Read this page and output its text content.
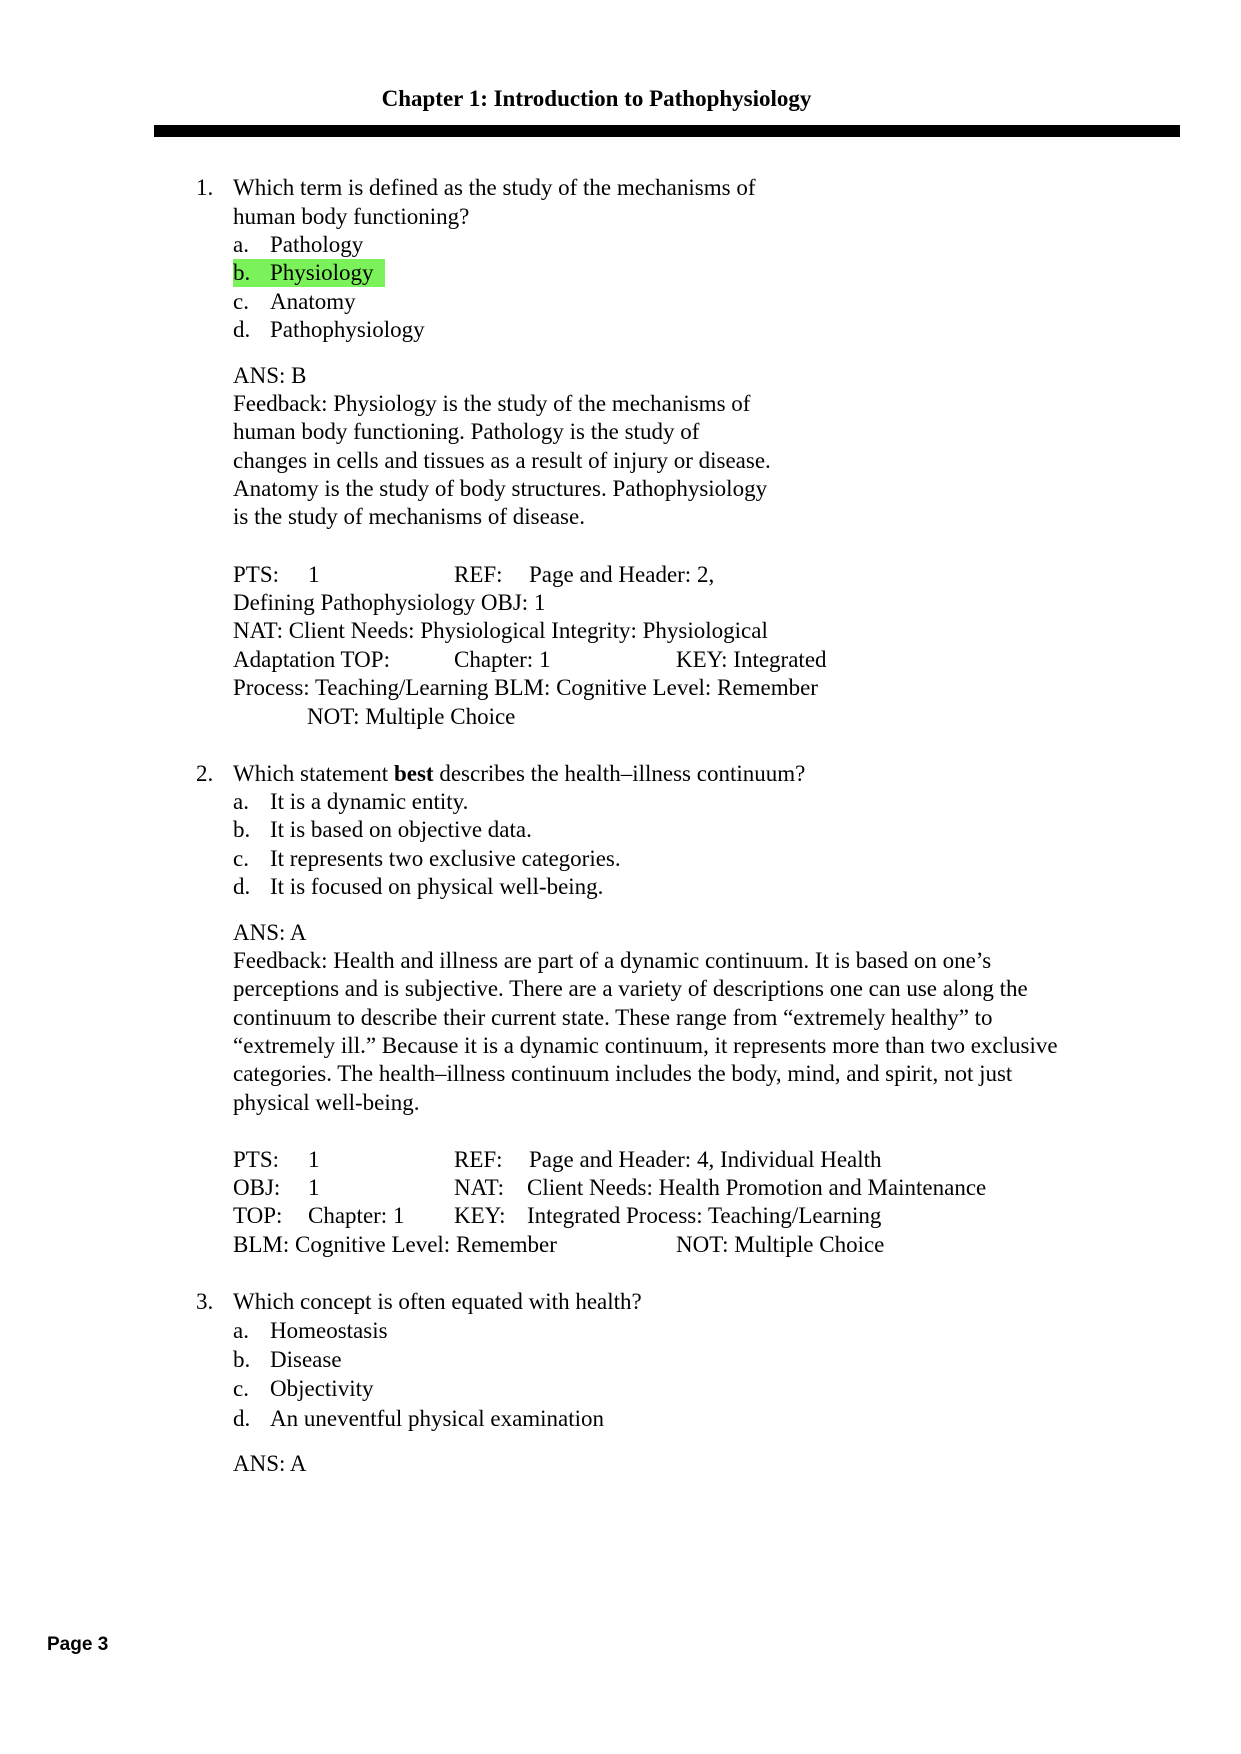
Chapter 1: Introduction to Pathophysiology
1. Which term is defined as the study of the mechanisms of
human body functioning?
a. Pathology
b. Physiology
c. Anatomy
d. Pathophysiology
ANS: B
Feedback: Physiology is the study of the mechanisms of
human body functioning. Pathology is the study of
changes in cells and tissues as a result of injury or disease.
Anatomy is the study of body structures. Pathophysiology
is the study of mechanisms of disease.
PTS: 1	REF: Page and Header: 2,
Defining Pathophysiology OBJ: 1
NAT: Client Needs: Physiological Integrity: Physiological
Adaptation TOP:	Chapter: 1	KEY: Integrated
Process: Teaching/Learning BLM: Cognitive Level: Remember
NOT: Multiple Choice
2. Which statement best describes the health–illness continuum?
a. It is a dynamic entity.
b. It is based on objective data.
c. It represents two exclusive categories.
d. It is focused on physical well-being.
ANS: A
Feedback: Health and illness are part of a dynamic continuum. It is based on one’s
perceptions and is subjective. There are a variety of descriptions one can use along the
continuum to describe their current state. These range from “extremely healthy” to
“extremely ill.” Because it is a dynamic continuum, it represents more than two exclusive
categories. The health–illness continuum includes the body, mind, and spirit, not just
physical well-being.
PTS: 1	REF: Page and Header: 4, Individual Health
OBJ: 1	NAT: Client Needs: Health Promotion and Maintenance
TOP: Chapter: 1 KEY: Integrated Process: Teaching/Learning
BLM: Cognitive Level: Remember	NOT: Multiple Choice
3. Which concept is often equated with health?
a. Homeostasis
b. Disease
c. Objectivity
d. An uneventful physical examination
ANS: A
Page 3
